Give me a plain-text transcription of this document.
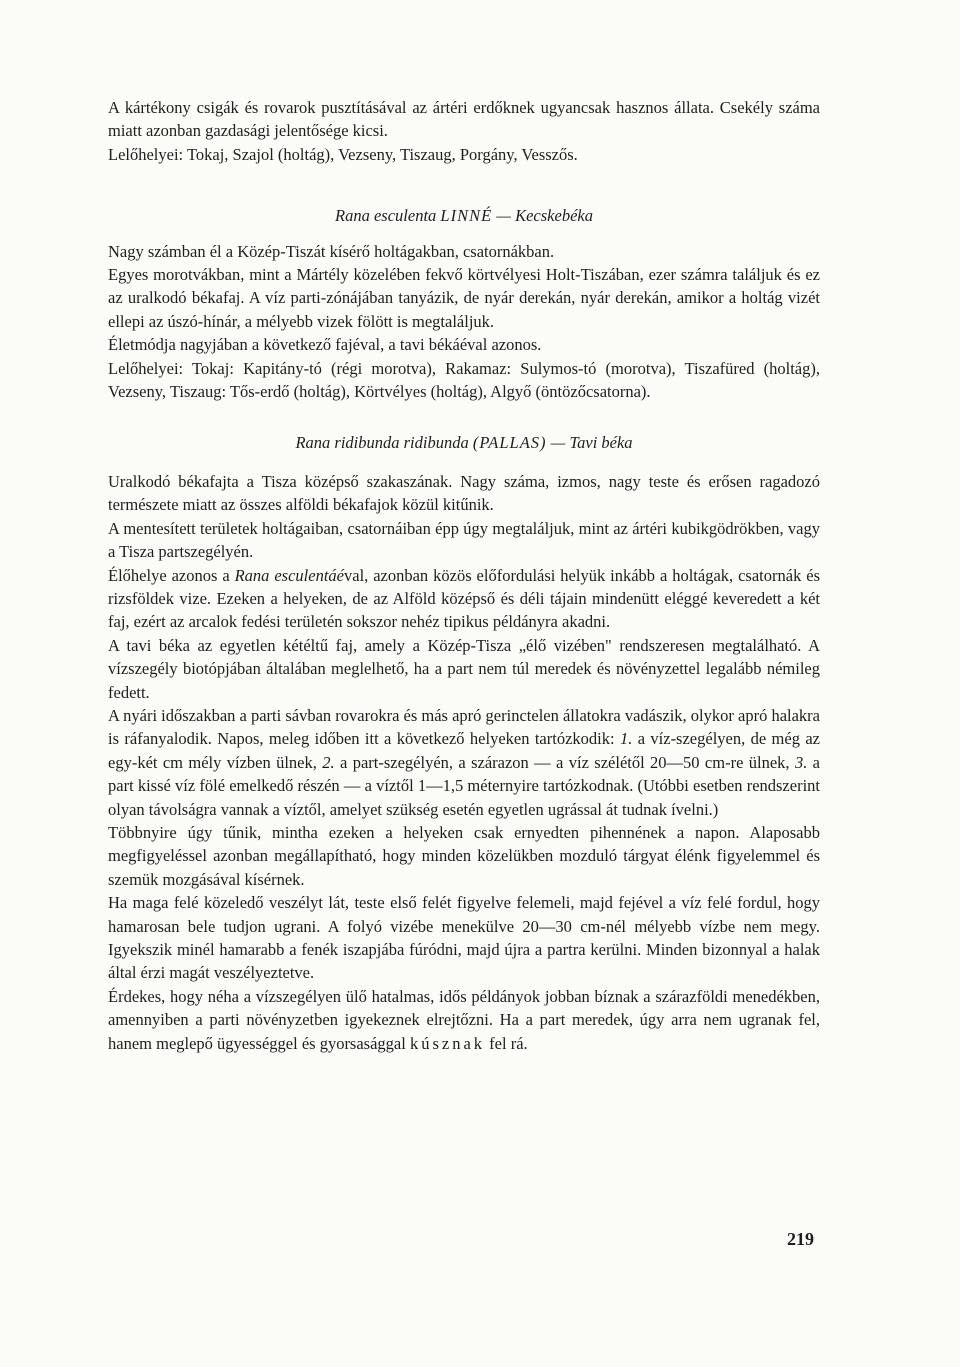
A kártékony csigák és rovarok pusztításával az ártéri erdőknek ugyancsak hasznos állata. Csekély száma miatt azonban gazdasági jelentősége kicsi.

Lelőhelyei: Tokaj, Szajol (holtág), Vezseny, Tiszaug, Porgány, Vesszős.

Rana esculenta LINNÉ — Kecskebéka

Nagy számban él a Közép-Tiszát kísérő holtágakban, csatornákban.

Egyes morotvákban, mint a Mártély közelében fekvő körtvélyesi Holt-Tiszában, ezer számra találjuk és ez az uralkodó békafaj. A víz parti-zónájában tanyázik, de nyár derekán, nyár derekán, amikor a holtág vizét ellepi az úszó-hínár, a mélyebb vizek fölött is megtaláljuk.

Életmódja nagyjában a következő fajéval, a tavi békáéval azonos.

Lelőhelyei: Tokaj: Kapitány-tó (régi morotva), Rakamaz: Sulymos-tó (morotva), Tiszafüred (holtág), Vezseny, Tiszaug: Tős-erdő (holtág), Körtvélyes (holtág), Algyő (öntözőcsatorna).

Rana ridibunda ridibunda (PALLAS) — Tavi béka

Uralkodó békafajta a Tisza középső szakaszának. Nagy száma, izmos, nagy teste és erősen ragadozó természete miatt az összes alföldi békafajok közül kitűnik.

A mentesített területek holtágaiban, csatornáiban épp úgy megtaláljuk, mint az ártéri kubikgödrökben, vagy a Tisza partszegélyén.

Élőhelye azonos a Rana esculentáéval, azonban közös előfordulási helyük inkább a holtágak, csatornák és rizsföldek vize. Ezeken a helyeken, de az Alföld középső és déli tájain mindenütt eléggé keveredett a két faj, ezért az arcalok fedési területén sokszor nehéz tipikus példányra akadni.

A tavi béka az egyetlen kétéltű faj, amely a Közép-Tisza „élő vizében" rendszeresen megtalálható. A vízszegély biotópjában általában meglelhető, ha a part nem túl meredek és növényzettel legalább némileg fedett.

A nyári időszakban a parti sávban rovarokra és más apró gerinctelen állatokra vadászik, olykor apró halakra is ráfanyalodik. Napos, meleg időben itt a következő helyeken tartózkodik: 1. a víz-szegélyen, de még az egy-két cm mély vízben ülnek, 2. a part-szegélyén, a szárazon — a víz szélétől 20—50 cm-re ülnek, 3. a part kissé víz fölé emelkedő részén — a víztől 1—1,5 méternyire tartózkodnak. (Utóbbi esetben rendszerint olyan távolságra vannak a víztől, amelyet szükség esetén egyetlen ugrással át tudnak ívelni.)

Többnyire úgy tűnik, mintha ezeken a helyeken csak ernyedten pihennének a napon. Alaposabb megfigyeléssel azonban megállapítható, hogy minden közelükben mozduló tárgyat élénk figyelemmel és szemük mozgásával kísérnek.

Ha maga felé közeledő veszélyt lát, teste első felét figyelve felemeli, majd fejével a víz felé fordul, hogy hamarosan bele tudjon ugrani. A folyó vizébe menekülve 20—30 cm-nél mélyebb vízbe nem megy. Igyekszik minél hamarabb a fenék iszapjába fúródni, majd újra a partra kerülni. Minden bizonnyal a halak által érzi magát veszélyeztetve.

Érdekes, hogy néha a vízszegélyen ülő hatalmas, idős példányok jobban bíznak a szárazföldi menedékben, amennyiben a parti növényzetben igyekeznek elrejtőzni. Ha a part meredek, úgy arra nem ugranak fel, hanem meglepő ügyességgel és gyorsasággal kúsznak fel rá.

219
